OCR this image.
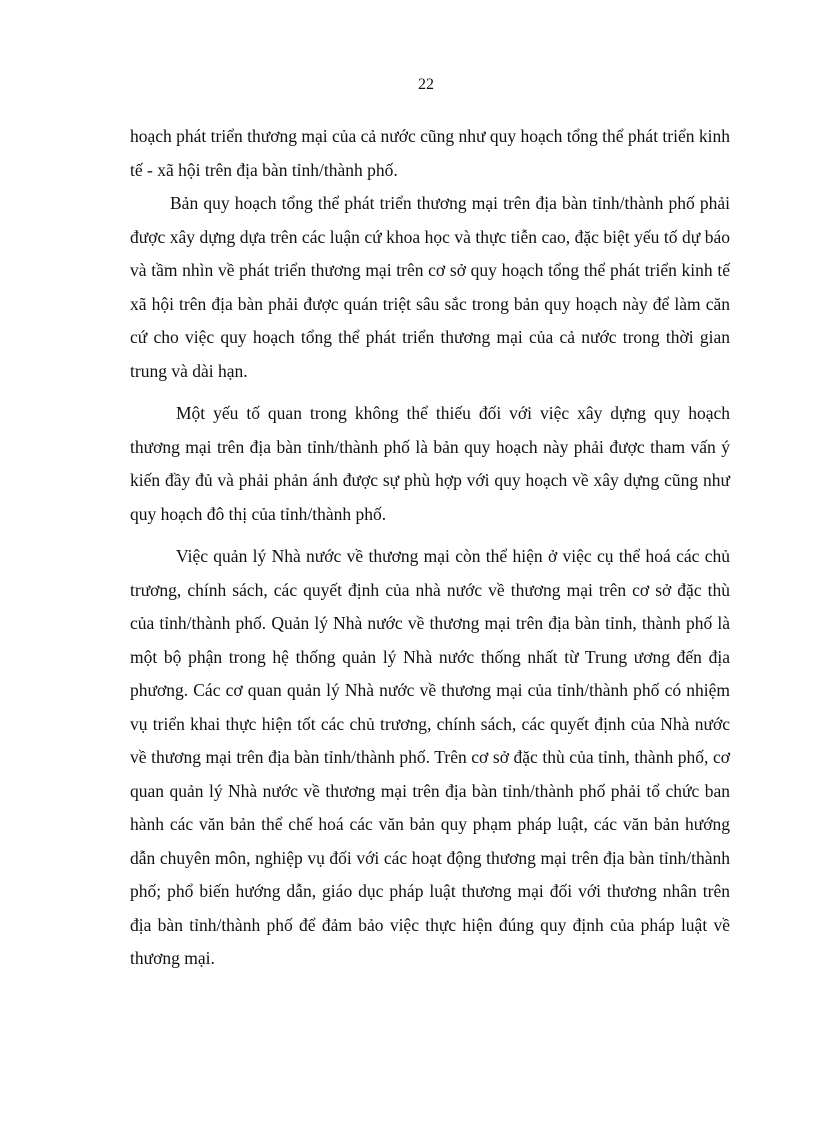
22

hoạch phát triển thương mại của cả nước cũng như quy hoạch tổng thể phát triển kinh tế - xã hội trên địa bàn tỉnh/thành phố.

Bản quy hoạch tổng thể phát triển thương mại trên địa bàn tỉnh/thành phố phải được xây dựng dựa trên các luận cứ khoa học và thực tiễn cao, đặc biệt yếu tố dự báo và tầm nhìn về phát triển thương mại trên cơ sở quy hoạch tổng thể phát triển kinh tế xã hội trên địa bàn phải được quán triệt sâu sắc trong bản quy hoạch này để làm căn cứ cho việc quy hoạch tổng thể phát triển thương mại của cả nước trong thời gian trung và dài hạn.

Một yếu tố quan trong không thể thiếu đối với việc xây dựng quy hoạch thương mại trên địa bàn tỉnh/thành phố là bản quy hoạch này phải được tham vấn ý kiến đầy đủ và phải phản ánh được sự phù hợp với quy hoạch về xây dựng cũng như quy hoạch đô thị của tỉnh/thành phố.

Việc quản lý Nhà nước về thương mại còn thể hiện ở việc cụ thể hoá các chủ trương, chính sách, các quyết định của nhà nước về thương mại trên cơ sở đặc thù của tỉnh/thành phố. Quản lý Nhà nước về thương mại trên địa bàn tỉnh, thành phố là một bộ phận trong hệ thống quản lý Nhà nước thống nhất từ Trung ương đến địa phương. Các cơ quan quản lý Nhà nước về thương mại của tỉnh/thành phố có nhiệm vụ triển khai thực hiện tốt các chủ trương, chính sách, các quyết định của Nhà nước về thương mại trên địa bàn tỉnh/thành phố. Trên cơ sở đặc thù của tỉnh, thành phố, cơ quan quản lý Nhà nước về thương mại trên địa bàn tỉnh/thành phố phải tổ chức ban hành các văn bản thể chế hoá các văn bản quy phạm pháp luật, các văn bản hướng dẫn chuyên môn, nghiệp vụ đối với các hoạt động thương mại trên địa bàn tỉnh/thành phố; phổ biến hướng dẫn, giáo dục pháp luật thương mại đối với thương nhân trên địa bàn tỉnh/thành phố để đảm bảo việc thực hiện đúng quy định của pháp luật về thương mại.
